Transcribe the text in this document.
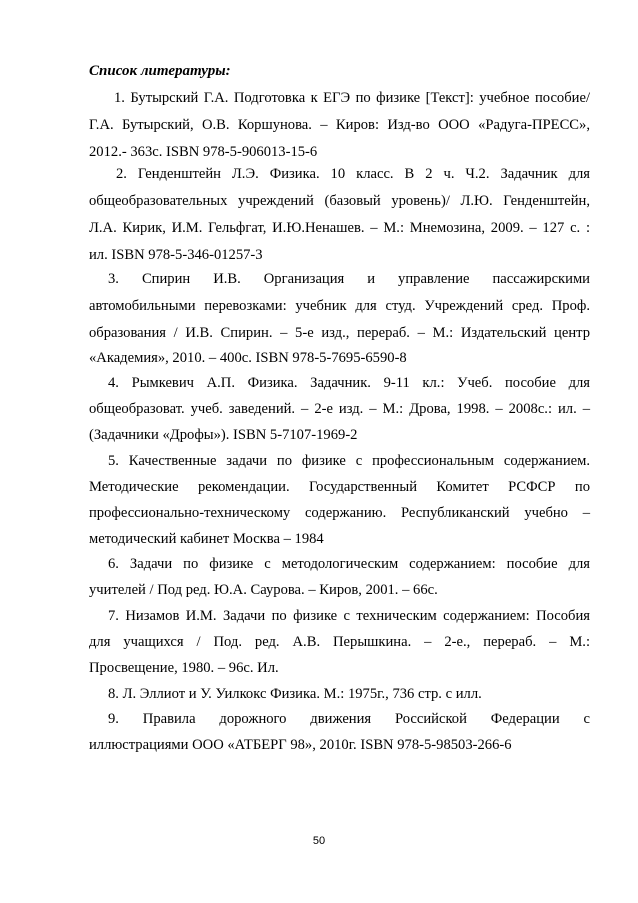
Список литературы:
1. Бутырский Г.А. Подготовка к ЕГЭ по физике [Текст]: учебное пособие/
Г.А. Бутырский, О.В. Коршунова. – Киров: Изд-во ООО «Радуга-ПРЕСС»,
2012.- 363с. ISBN 978-5-906013-15-6
2. Генденштейн Л.Э. Физика. 10 класс. В 2 ч. Ч.2. Задачник для
общеобразовательных учреждений (базовый уровень)/ Л.Ю. Генденштейн,
Л.А. Кирик, И.М. Гельфгат, И.Ю.Ненашев. – М.: Мнемозина, 2009. – 127 с. :
ил. ISBN 978-5-346-01257-3
3. Спирин И.В. Организация и управление пассажирскими
автомобильными перевозками: учебник для студ. Учреждений сред. Проф.
образования / И.В. Спирин. – 5-е изд., перераб. – М.: Издательский центр
«Академия», 2010. – 400с. ISBN 978-5-7695-6590-8
4. Рымкевич А.П. Физика. Задачник. 9-11 кл.: Учеб. пособие для
общеобразоват. учеб. заведений. – 2-е изд. – М.: Дрова, 1998. – 2008с.: ил. –
(Задачники «Дрофы»). ISBN 5-7107-1969-2
5. Качественные задачи по физике с профессиональным содержанием.
Методические рекомендации. Государственный Комитет РСФСР по
профессионально-техническому содержанию. Республиканский учебно –
методический кабинет Москва – 1984
6. Задачи по физике с методологическим содержанием: пособие для
учителей / Под ред. Ю.А. Саурова. – Киров, 2001. – 66с.
7. Низамов И.М. Задачи по физике с техническим содержанием: Пособия
для учащихся / Под. ред. А.В. Перышкина. – 2-е., перераб. – М.:
Просвещение, 1980. – 96с. Ил.
8. Л. Эллиот и У. Уилкокс Физика. М.: 1975г., 736 стр. с илл.
9. Правила дорожного движения Российской Федерации с
иллюстрациями ООО «АТБЕРГ 98», 2010г. ISBN 978-5-98503-266-6
50
